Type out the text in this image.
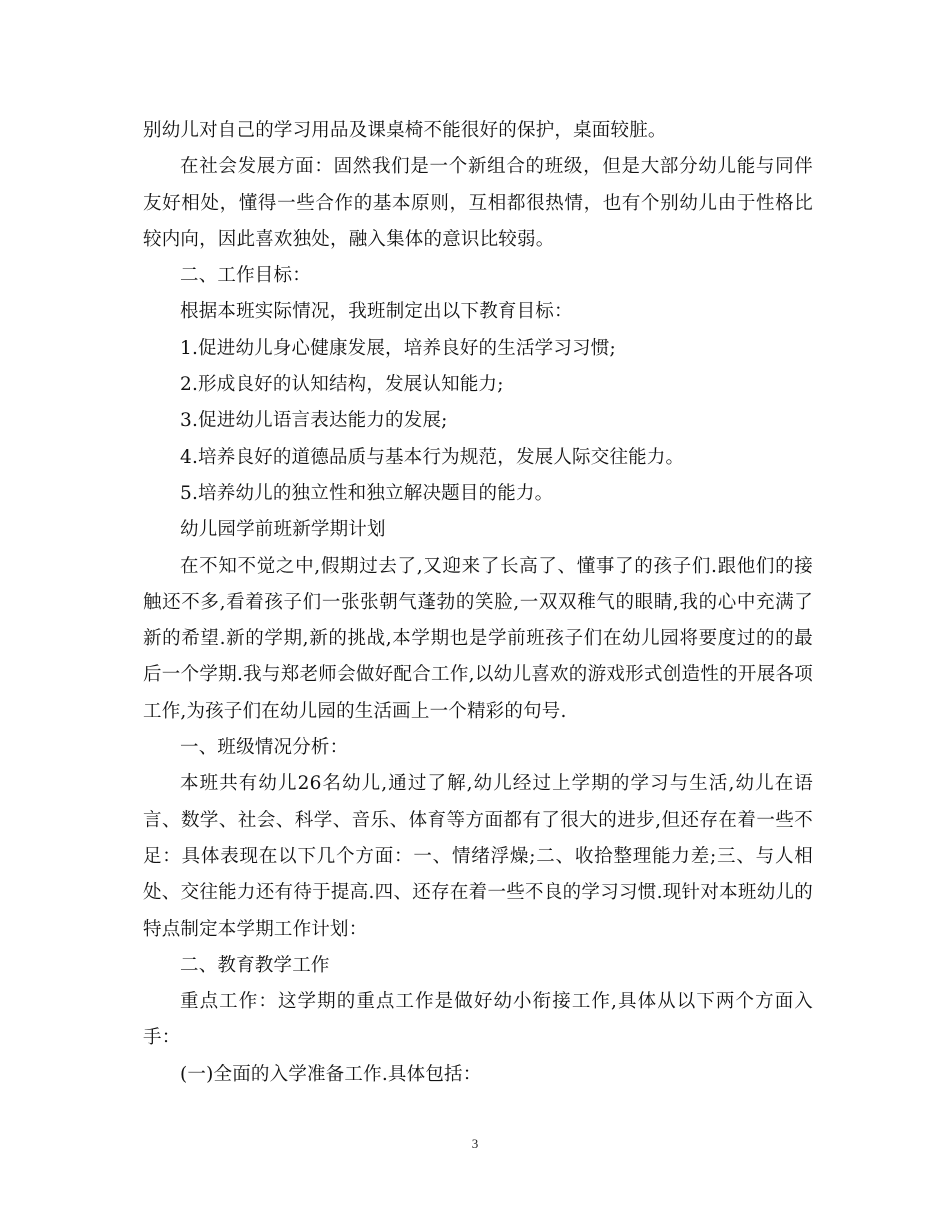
别幼儿对自己的学习用品及课桌椅不能很好的保护，桌面较脏。

在社会发展方面：固然我们是一个新组合的班级，但是大部分幼儿能与同伴友好相处，懂得一些合作的基本原则，互相都很热情，也有个别幼儿由于性格比较内向，因此喜欢独处，融入集体的意识比较弱。

二、工作目标：

根据本班实际情况，我班制定出以下教育目标：

1.促进幼儿身心健康发展，培养良好的生活学习习惯;

2.形成良好的认知结构，发展认知能力;

3.促进幼儿语言表达能力的发展;

4.培养良好的道德品质与基本行为规范，发展人际交往能力。

5.培养幼儿的独立性和独立解决题目的能力。

幼儿园学前班新学期计划

在不知不觉之中,假期过去了,又迎来了长高了、懂事了的孩子们.跟他们的接触还不多,看着孩子们一张张朝气蓬勃的笑脸,一双双稚气的眼睛,我的心中充满了新的希望.新的学期,新的挑战,本学期也是学前班孩子们在幼儿园将要度过的的最后一个学期.我与郑老师会做好配合工作,以幼儿喜欢的游戏形式创造性的开展各项工作,为孩子们在幼儿园的生活画上一个精彩的句号.

一、班级情况分析：

本班共有幼儿26名幼儿,通过了解,幼儿经过上学期的学习与生活,幼儿在语言、数学、社会、科学、音乐、体育等方面都有了很大的进步,但还存在着一些不足：具体表现在以下几个方面：一、情绪浮燥;二、收拾整理能力差;三、与人相处、交往能力还有待于提高.四、还存在着一些不良的学习习惯.现针对本班幼儿的特点制定本学期工作计划：

二、教育教学工作

重点工作：这学期的重点工作是做好幼小衔接工作,具体从以下两个方面入手：

(一)全面的入学准备工作.具体包括：

3
